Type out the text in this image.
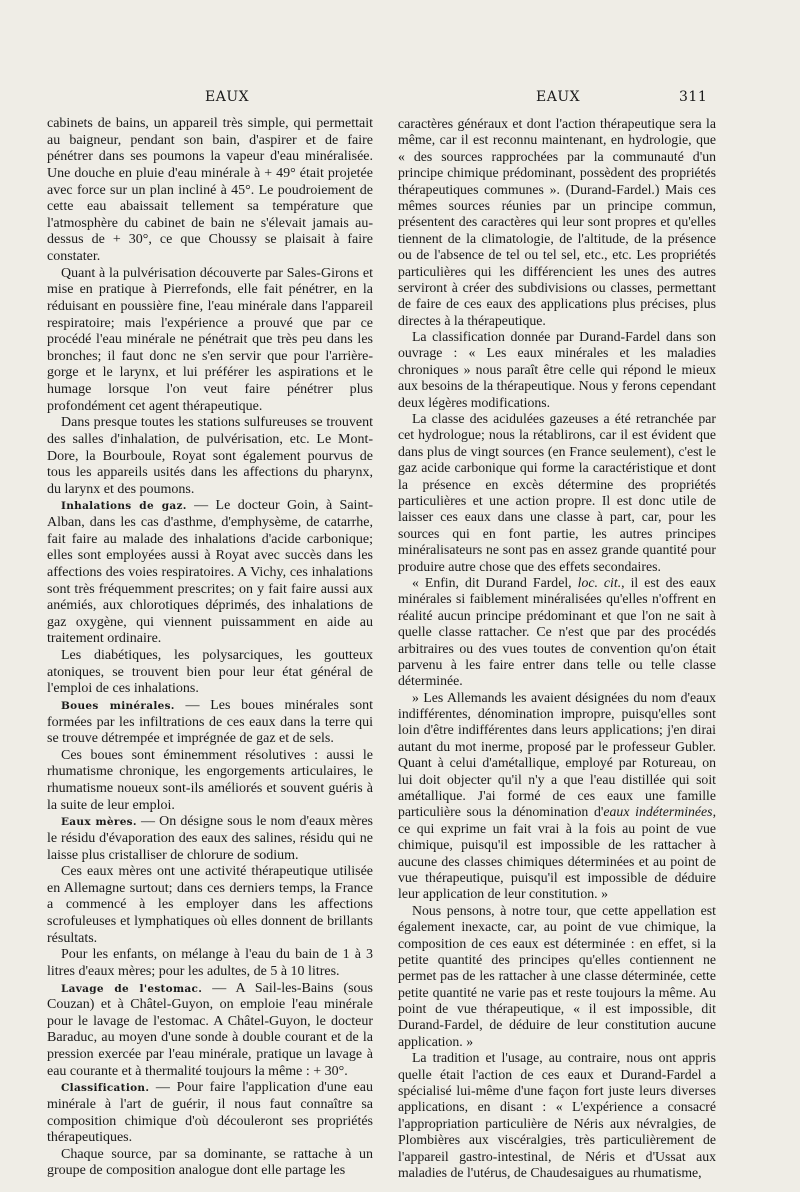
EAUX	EAUX	311

cabinets de bains, un appareil très simple, qui permettait au baigneur, pendant son bain, d'aspirer et de faire pénétrer dans ses poumons la vapeur d'eau minéralisée. Une douche en pluie d'eau minérale à + 49° était projetée avec force sur un plan incliné à 45°. Le poudroiement de cette eau abaissait tellement sa température que l'atmosphère du cabinet de bain ne s'élevait jamais au-dessus de + 30°, ce que Choussy se plaisait à faire constater.

Quant à la pulvérisation découverte par Sales-Girons et mise en pratique à Pierrefonds, elle fait pénétrer, en la réduisant en poussière fine, l'eau minérale dans l'appareil respiratoire; mais l'expérience a prouvé que par ce procédé l'eau minérale ne pénétrait que très peu dans les bronches; il faut donc ne s'en servir que pour l'arrière-gorge et le larynx, et lui préférer les aspirations et le humage lorsque l'on veut faire pénétrer plus profondément cet agent thérapeutique.

Dans presque toutes les stations sulfureuses se trouvent des salles d'inhalation, de pulvérisation, etc. Le Mont-Dore, la Bourboule, Royat sont également pourvus de tous les appareils usités dans les affections du pharynx, du larynx et des poumons.

Inhalations de gaz. — Le docteur Goin, à Saint-Alban, dans les cas d'asthme, d'emphysème, de catarrhe, fait faire au malade des inhalations d'acide carbonique; elles sont employées aussi à Royat avec succès dans les affections des voies respiratoires. A Vichy, ces inhalations sont très fréquemment prescrites; on y fait faire aussi aux anémiés, aux chlorotiques déprimés, des inhalations de gaz oxygène, qui viennent puissamment en aide au traitement ordinaire.

Les diabétiques, les polysarciques, les goutteux atoniques, se trouvent bien pour leur état général de l'emploi de ces inhalations.

Boues minérales. — Les boues minérales sont formées par les infiltrations de ces eaux dans la terre qui se trouve détrempée et imprégnée de gaz et de sels.

Ces boues sont éminemment résolutives : aussi le rhumatisme chronique, les engorgements articulaires, le rhumatisme noueux sont-ils améliorés et souvent guéris à la suite de leur emploi.

Eaux mères. — On désigne sous le nom d'eaux mères le résidu d'évaporation des eaux des salines, résidu qui ne laisse plus cristalliser de chlorure de sodium.

Ces eaux mères ont une activité thérapeutique utilisée en Allemagne surtout; dans ces derniers temps, la France a commencé à les employer dans les affections scrofuleuses et lymphatiques où elles donnent de brillants résultats.

Pour les enfants, on mélange à l'eau du bain de 1 à 3 litres d'eaux mères; pour les adultes, de 5 à 10 litres.

Lavage de l'estomac. — A Sail-les-Bains (sous Couzan) et à Châtel-Guyon, on emploie l'eau minérale pour le lavage de l'estomac. A Châtel-Guyon, le docteur Baraduc, au moyen d'une sonde à double courant et de la pression exercée par l'eau minérale, pratique un lavage à eau courante et à thermalité toujours la même : + 30°.

Classification. — Pour faire l'application d'une eau minérale à l'art de guérir, il nous faut connaître sa composition chimique d'où découleront ses propriétés thérapeutiques.

Chaque source, par sa dominante, se rattache à un groupe de composition analogue dont elle partage les

caractères généraux et dont l'action thérapeutique sera la même, car il est reconnu maintenant, en hydrologie, que « des sources rapprochées par la communauté d'un principe chimique prédominant, possèdent des propriétés thérapeutiques communes ». (Durand-Fardel.) Mais ces mêmes sources réunies par un principe commun, présentent des caractères qui leur sont propres et qu'elles tiennent de la climatologie, de l'altitude, de la présence ou de l'absence de tel ou tel sel, etc., etc. Les propriétés particulières qui les différencient les unes des autres serviront à créer des subdivisions ou classes, permettant de faire de ces eaux des applications plus précises, plus directes à la thérapeutique.

La classification donnée par Durand-Fardel dans son ouvrage : « Les eaux minérales et les maladies chroniques » nous paraît être celle qui répond le mieux aux besoins de la thérapeutique. Nous y ferons cependant deux légères modifications.

La classe des acidulées gazeuses a été retranchée par cet hydrologue; nous la rétablirons, car il est évident que dans plus de vingt sources (en France seulement), c'est le gaz acide carbonique qui forme la caractéristique et dont la présence en excès détermine des propriétés particulières et une action propre. Il est donc utile de laisser ces eaux dans une classe à part, car, pour les sources qui en font partie, les autres principes minéralisateurs ne sont pas en assez grande quantité pour produire autre chose que des effets secondaires.

« Enfin, dit Durand Fardel, loc. cit., il est des eaux minérales si faiblement minéralisées qu'elles n'offrent en réalité aucun principe prédominant et que l'on ne sait à quelle classe rattacher. Ce n'est que par des procédés arbitraires ou des vues toutes de convention qu'on était parvenu à les faire entrer dans telle ou telle classe déterminée.

» Les Allemands les avaient désignées du nom d'eaux indifférentes, dénomination impropre, puisqu'elles sont loin d'être indifférentes dans leurs applications; j'en dirai autant du mot inerme, proposé par le professeur Gubler. Quant à celui d'amétallique, employé par Rotureau, on lui doit objecter qu'il n'y a que l'eau distillée qui soit amétallique. J'ai formé de ces eaux une famille particulière sous la dénomination d'eaux indéterminées, ce qui exprime un fait vrai à la fois au point de vue chimique, puisqu'il est impossible de les rattacher à aucune des classes chimiques déterminées et au point de vue thérapeutique, puisqu'il est impossible de déduire leur application de leur constitution. »

Nous pensons, à notre tour, que cette appellation est également inexacte, car, au point de vue chimique, la composition de ces eaux est déterminée : en effet, si la petite quantité des principes qu'elles contiennent ne permet pas de les rattacher à une classe déterminée, cette petite quantité ne varie pas et reste toujours la même. Au point de vue thérapeutique, « il est impossible, dit Durand-Fardel, de déduire de leur constitution aucune application. »

La tradition et l'usage, au contraire, nous ont appris quelle était l'action de ces eaux et Durand-Fardel a spécialisé lui-même d'une façon fort juste leurs diverses applications, en disant : « L'expérience a consacré l'appropriation particulière de Néris aux névralgies, de Plombières aux viscéralgies, très particulièrement de l'appareil gastro-intestinal, de Néris et d'Ussat aux maladies de l'utérus, de Chaudesaigues au rhumatisme,
